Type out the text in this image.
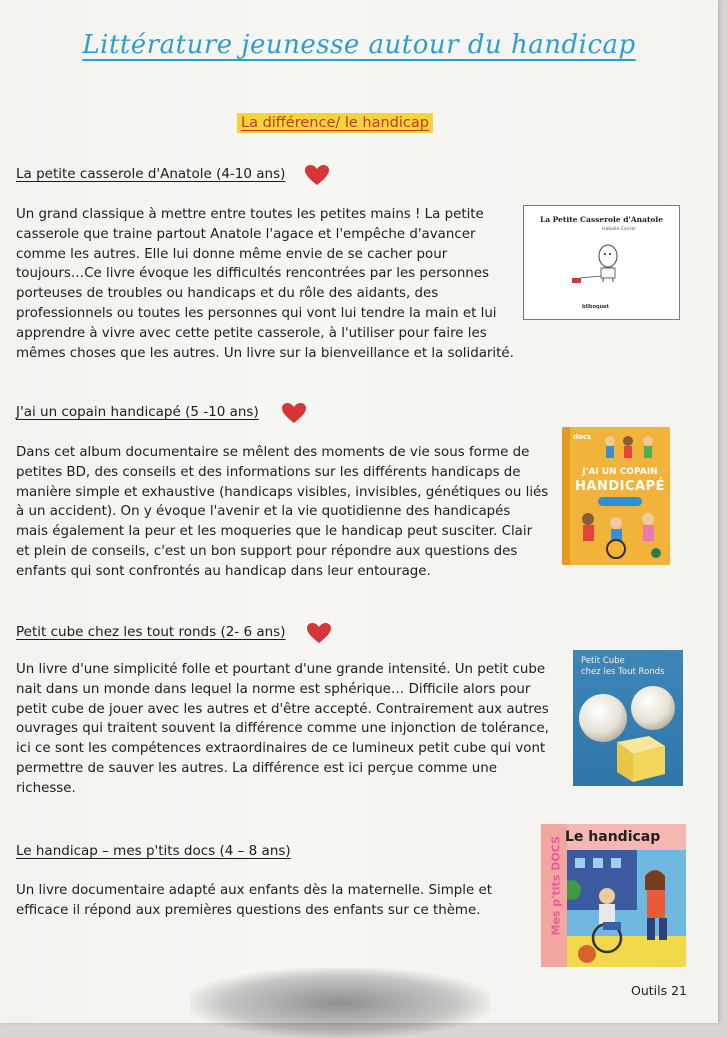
Littérature jeunesse autour du handicap
La différence/ le handicap
La petite casserole d'Anatole (4-10 ans)
Un grand classique à mettre entre toutes les petites mains ! La petite
casserole que traine partout Anatole l'agace et l'empêche d'avancer
comme les autres. Elle lui donne même envie de se cacher pour
toujours…Ce livre évoque les difficultés rencontrées par les personnes
porteuses de troubles ou handicaps et du rôle des aidants, des
professionnels ou toutes les personnes qui vont lui tendre la main et lui
apprendre à vivre avec cette petite casserole, à l'utiliser pour faire les
mêmes choses que les autres. Un livre sur la bienveillance et la solidarité.
La Petite Casserole d'Anatole
Isabelle Carrier
bilboquet
J'ai un copain handicapé (5 -10 ans)
Dans cet album documentaire se mêlent des moments de vie sous forme de
petites BD, des conseils et des informations sur les différents handicaps de
manière simple et exhaustive (handicaps visibles, invisibles, génétiques ou liés
à un accident). On y évoque l'avenir et la vie quotidienne des handicapés
mais également la peur et les moqueries que le handicap peut susciter. Clair
et plein de conseils, c'est un bon support pour répondre aux questions des
enfants qui sont confrontés au handicap dans leur entourage.
docs
J'AI UN COPAIN
HANDICAPÉ
Petit cube chez les tout ronds (2- 6 ans)
Un livre d'une simplicité folle et pourtant d'une grande intensité. Un petit cube
nait dans un monde dans lequel la norme est sphérique… Difficile alors pour
petit cube de jouer avec les autres et d'être accepté. Contrairement aux autres
ouvrages qui traitent souvent la différence comme une injonction de tolérance,
ici ce sont les compétences extraordinaires de ce lumineux petit cube qui vont
permettre de sauver les autres. La différence est ici perçue comme une
richesse.
Petit Cube
chez les Tout Ronds
Le handicap – mes p'tits docs (4 – 8 ans)
Un livre documentaire adapté aux enfants dès la maternelle. Simple et
efficace il répond aux premières questions des enfants sur ce thème.	Mes p'tits DOCS Le handicap
Outils 21
